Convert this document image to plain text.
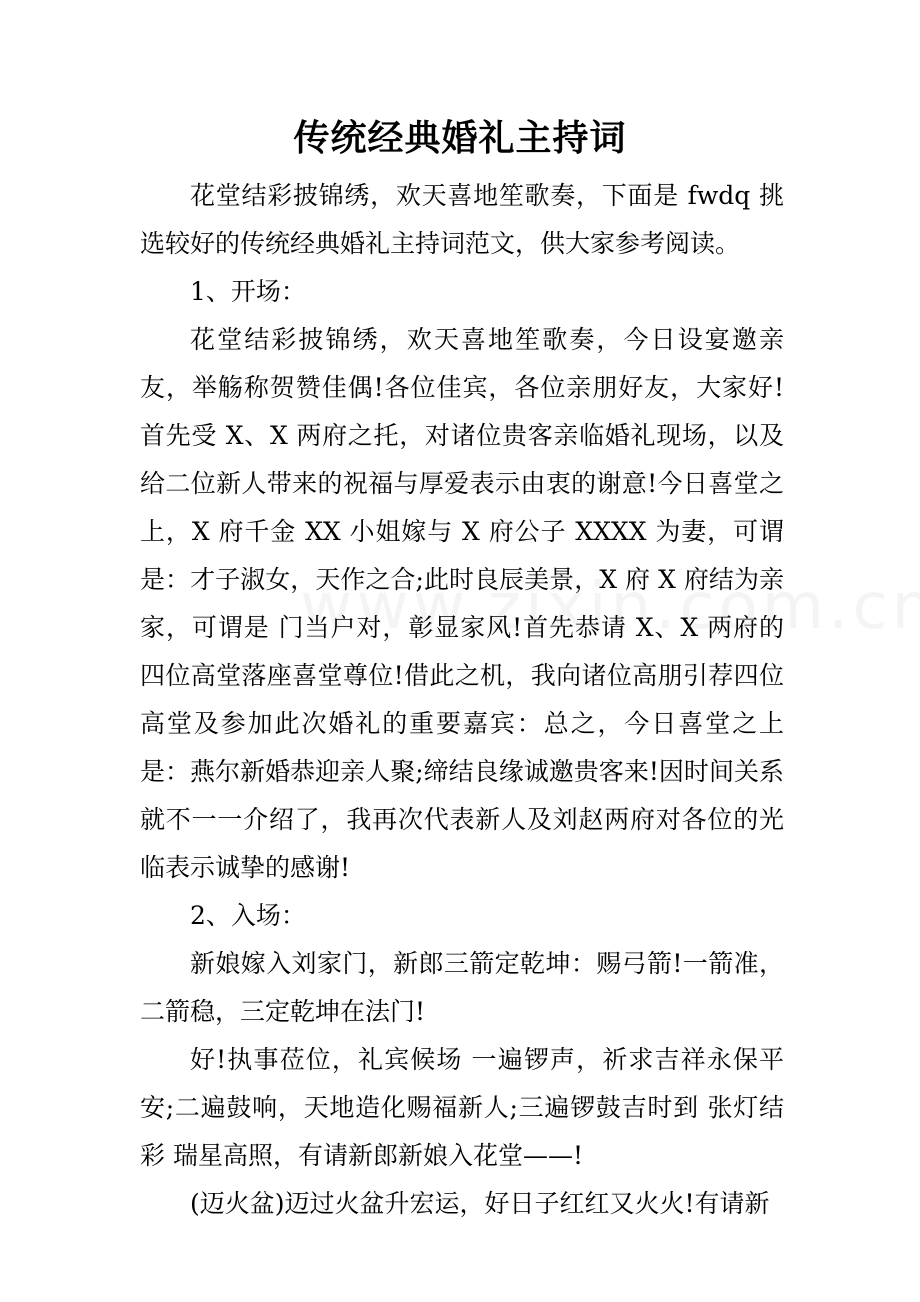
传统经典婚礼主持词

花堂结彩披锦绣，欢天喜地笙歌奏，下面是 fwdq 挑选较好的传统经典婚礼主持词范文，供大家参考阅读。

1、开场：

花堂结彩披锦绣，欢天喜地笙歌奏，今日设宴邀亲友，举觞称贺赞佳偶!各位佳宾，各位亲朋好友，大家好!首先受 X、X 两府之托，对诸位贵客亲临婚礼现场，以及给二位新人带来的祝福与厚爱表示由衷的谢意!今日喜堂之上，X 府千金 XX 小姐嫁与 X 府公子 XXXX 为妻，可谓是：才子淑女，天作之合;此时良辰美景，X 府 X 府结为亲家，可谓是 门当户对，彰显家风!首先恭请 X、X 两府的四位高堂落座喜堂尊位!借此之机，我向诸位高朋引荐四位高堂及参加此次婚礼的重要嘉宾：总之，今日喜堂之上是：燕尔新婚恭迎亲人聚;缔结良缘诚邀贵客来!因时间关系就不一一介绍了，我再次代表新人及刘赵两府对各位的光临表示诚挚的感谢!

2、入场：

新娘嫁入刘家门，新郎三箭定乾坤：赐弓箭!一箭准，二箭稳，三定乾坤在法门!

好!执事莅位，礼宾候场 一遍锣声，祈求吉祥永保平安;二遍鼓响，天地造化赐福新人;三遍锣鼓吉时到 张灯结彩 瑞星高照，有请新郎新娘入花堂——!

(迈火盆)迈过火盆升宏运，好日子红红又火火!有请新
